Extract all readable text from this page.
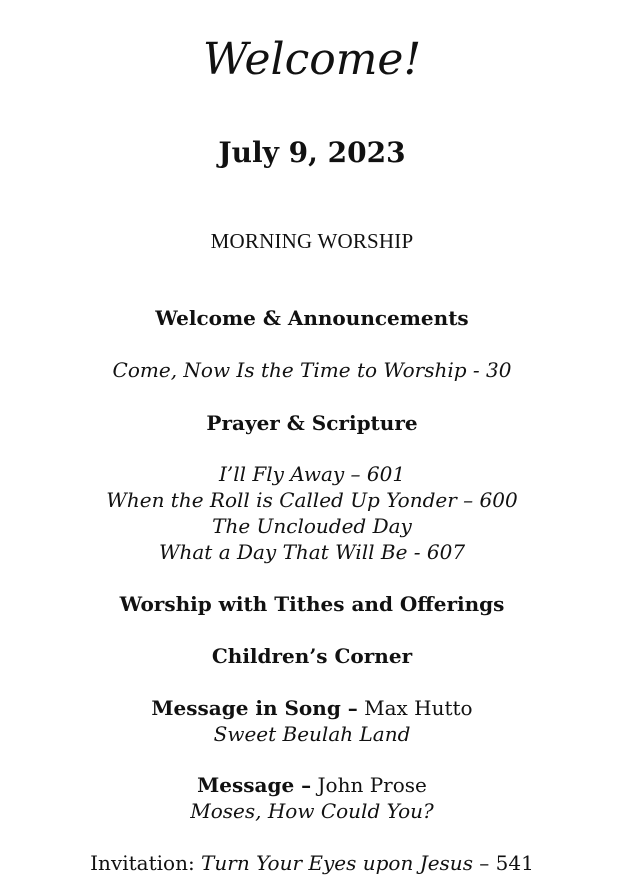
Welcome!
July 9, 2023
MORNING WORSHIP
Welcome & Announcements
Come, Now Is the Time to Worship - 30
Prayer & Scripture
I’ll Fly Away – 601
When the Roll is Called Up Yonder – 600
The Unclouded Day
What a Day That Will Be - 607
Worship with Tithes and Offerings
Children’s Corner
Message in Song – Max Hutto
Sweet Beulah Land
Message – John Prose
Moses, How Could You?
Invitation: Turn Your Eyes upon Jesus – 541
